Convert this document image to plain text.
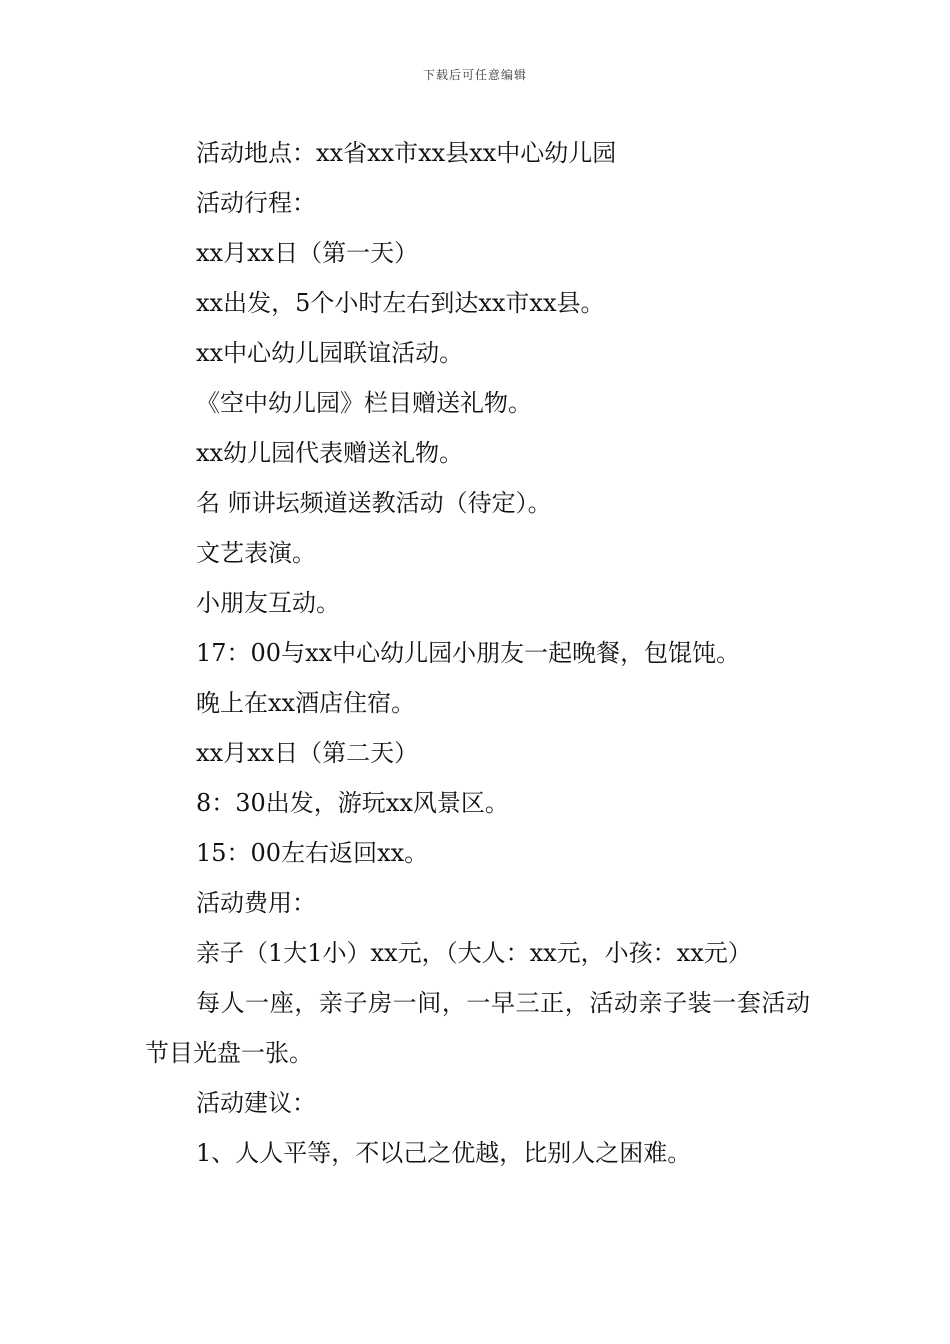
下载后可任意编辑
活动地点：xx省xx市xx县xx中心幼儿园
活动行程：
xx月xx日（第一天）
xx出发，5个小时左右到达xx市xx县。
xx中心幼儿园联谊活动。
《空中幼儿园》栏目赠送礼物。
xx幼儿园代表赠送礼物。
名 师讲坛频道送教活动（待定）。
文艺表演。
小朋友互动。
17：00与xx中心幼儿园小朋友一起晚餐，包馄饨。
晚上在xx酒店住宿。
xx月xx日（第二天）
8：30出发，游玩xx风景区。
15：00左右返回xx。
活动费用：
亲子（1大1小）xx元，（大人：xx元，小孩：xx元）
每人一座，亲子房一间，一早三正，活动亲子装一套活动节目光盘一张。
活动建议：
1、人人平等，不以己之优越，比别人之困难。
